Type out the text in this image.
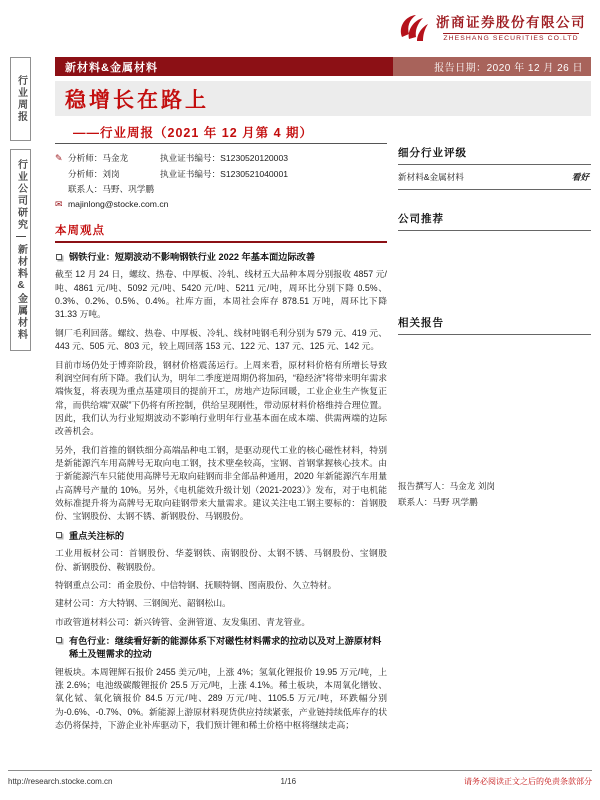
行业周报
行业公司研究—新材料&金属材料
浙商证券股份有限公司
ZHESHANG SECURITIES CO.LTD
新材料&金属材料	报告日期：2020 年 12 月 26 日
稳增长在路上
——行业周报（2021 年 12 月第 4 期）
✎ 分析师：马金龙	执业证书编号：S1230520120003
分析师：刘岗	执业证书编号：S1230521040001
联系人：马野、巩学鹏
✉ majinlong@stocke.com.cn
本周观点
钢铁行业：短期波动不影响钢铁行业 2022 年基本面边际改善

截至 12 月 24 日，螺纹、热卷、中厚板、冷轧、线材五大品种本周分别报收 4857 元/吨、4861 元/吨、5092 元/吨、5420 元/吨、5211 元/吨，周环比分别下降 0.5%、0.3%、0.2%、0.5%、0.4%。社库方面，本周社会库存 878.51 万吨，周环比下降 31.33 万吨。

钢厂毛利回落。螺纹、热卷、中厚板、冷轧、线材吨钢毛利分别为 579 元、419 元、443 元、505 元、803 元，较上周回落 153 元、122 元、137 元、125 元、142 元。

目前市场仍处于博弈阶段，钢材价格震荡运行。上周来看，原材料价格有所增长导致利润空间有所下降。我们认为，明年二季度逆周期仍将加码，“稳经济”将带来明年需求端恢复，将表现为重点基建项目的提前开工，房地产边际回暖，工业企业生产恢复正常，而供给端“双碳”下仍将有所控制，供给呈现刚性，带动原材料价格维持合理位置。因此，我们认为行业短期波动不影响行业明年行业基本面在成本端、供需两端的边际改善机会。

另外，我们首推的钢铁细分高端品种电工钢，是驱动现代工业的核心磁性材料，特别是新能源汽车用高牌号无取向电工钢，技术壁垒较高，宝钢、首钢掌握核心技术。由于新能源汽车只能使用高牌号无取向硅钢而非全部品种通用，2020 年新能源汽车用量占高牌号产量的 10%。另外，《电机能效升级计划（2021-2023）》发布，对于电机能效标准提升将为高牌号无取向硅钢带来大量需求。建议关注电工钢主要标的：首钢股份、宝钢股份、太钢不锈、新钢股份、马钢股份。

重点关注标的

工业用板材公司：首钢股份、华菱钢铁、南钢股份、太钢不锈、马钢股份、宝钢股份、新钢股份、鞍钢股份。

特钢重点公司：甬金股份、中信特钢、抚顺特钢、图南股份、久立特材。

建材公司：方大特钢、三钢闽光、韶钢松山。

市政管道材料公司：新兴铸管、金洲管道、友发集团、青龙管业。

有色行业：继续看好新的能源体系下对磁性材料需求的拉动以及对上游原材料稀土及锂需求的拉动

锂板块。本周锂辉石报价 2455 美元/吨，上涨 4%；氢氧化锂报价 19.95 万元/吨，上涨 2.6%；电池级碳酸锂报价 25.5 万元/吨，上涨 4.1%。稀土板块，本周氧化镨钕、氧化铽、氧化镝报价 84.5 万元/吨、289 万元/吨、1105.5 万元/吨，环跌幅分别为-0.6%、-0.7%、0%。新能源上游原材料现货供应持续紧张，产业链持续低库存的状态仍将保持，下游企业补库驱动下，我们预计锂和稀土价格中枢将继续走高；

细分行业评级
新材料&金属材料	看好
公司推荐
相关报告
报告撰写人：马金龙 刘岗
联系人：马野 巩学鹏
http://research.stocke.com.cn	1/16	请务必阅读正文之后的免责条款部分
